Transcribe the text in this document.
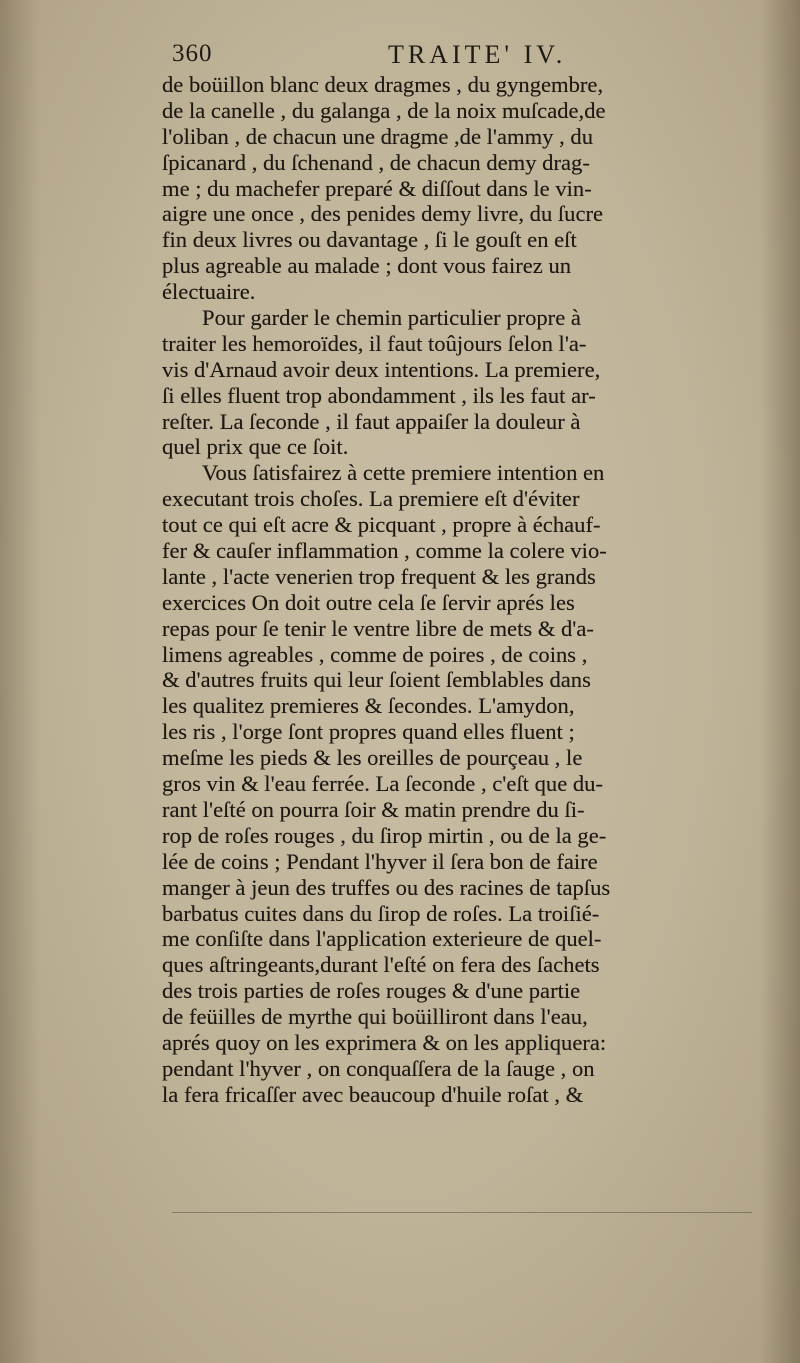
360	TRAITE' IV.
de boüillon blanc deux dragmes , du gyngembre,
de la canelle , du galanga , de la noix muſcade,de
l'oliban , de chacun une dragme ,de l'ammy , du
ſpicanard , du ſchenand , de chacun demy drag-
me ; du machefer preparé & diſſout dans le vin-
aigre une once , des penides demy livre, du ſucre
fin deux livres ou davantage , ſi le gouſt en eſt
plus agreable au malade ; dont vous fairez un
électuaire.
Pour garder le chemin particulier propre à
traiter les hemoroïdes, il faut toûjours ſelon l'a-
vis d'Arnaud avoir deux intentions. La premiere,
ſi elles fluent trop abondamment , ils les faut ar-
reſter. La ſeconde , il faut appaiſer la douleur à
quel prix que ce ſoit.
Vous ſatisfairez à cette premiere intention en
executant trois choſes. La premiere eſt d'éviter
tout ce qui eſt acre & picquant , propre à échauf-
fer & cauſer inflammation , comme la colere vio-
lante , l'acte venerien trop frequent & les grands
exercices On doit outre cela ſe ſervir aprés les
repas pour ſe tenir le ventre libre de mets & d'a-
limens agreables , comme de poires , de coins ,
& d'autres fruits qui leur ſoient ſemblables dans
les qualitez premieres & ſecondes. L'amydon,
les ris , l'orge ſont propres quand elles fluent ;
meſme les pieds & les oreilles de pourçeau , le
gros vin & l'eau ferrée. La ſeconde , c'eſt que du-
rant l'eſté on pourra ſoir & matin prendre du ſi-
rop de roſes rouges , du ſirop mirtin , ou de la ge-
lée de coins ; Pendant l'hyver il ſera bon de faire
manger à jeun des truffes ou des racines de tapſus
barbatus cuites dans du ſirop de roſes. La troiſié-
me conſiſte dans l'application exterieure de quel-
ques aſtringeants,durant l'eſté on fera des ſachets
des trois parties de roſes rouges & d'une partie
de feüilles de myrthe qui boüilliront dans l'eau,
aprés quoy on les exprimera & on les appliquera:
pendant l'hyver , on conquaſſera de la ſauge , on
la fera fricaſſer avec beaucoup d'huile roſat , &
